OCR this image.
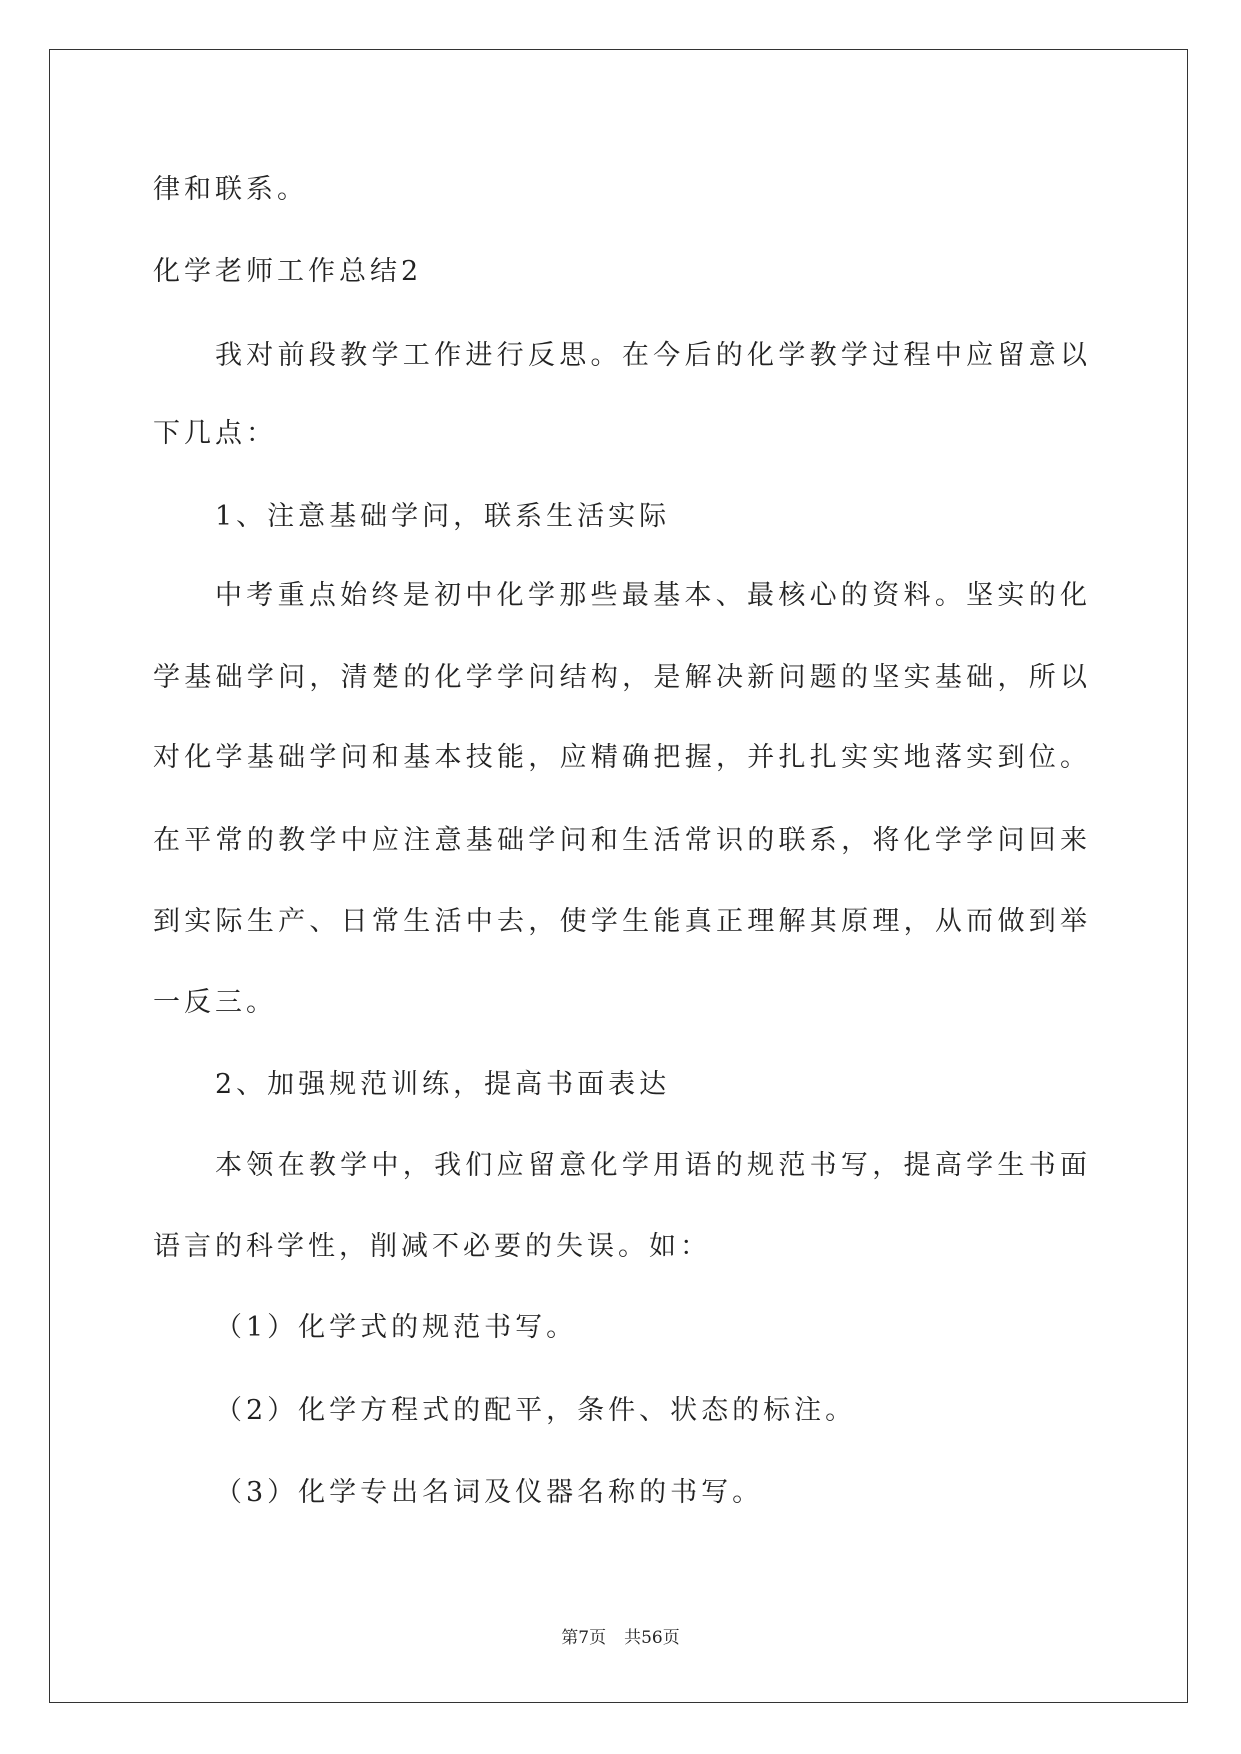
律和联系。
化学老师工作总结2
我对前段教学工作进行反思。在今后的化学教学过程中应留意以
下几点：
1、注意基础学问，联系生活实际
中考重点始终是初中化学那些最基本、最核心的资料。坚实的化
学基础学问，清楚的化学学问结构，是解决新问题的坚实基础，所以
对化学基础学问和基本技能，应精确把握，并扎扎实实地落实到位。
在平常的教学中应注意基础学问和生活常识的联系，将化学学问回来
到实际生产、日常生活中去，使学生能真正理解其原理，从而做到举
一反三。
2、加强规范训练，提高书面表达
本领在教学中，我们应留意化学用语的规范书写，提高学生书面
语言的科学性，削减不必要的失误。如：
（1）化学式的规范书写。
（2）化学方程式的配平，条件、状态的标注。
（3）化学专出名词及仪器名称的书写。
第7页 共56页
